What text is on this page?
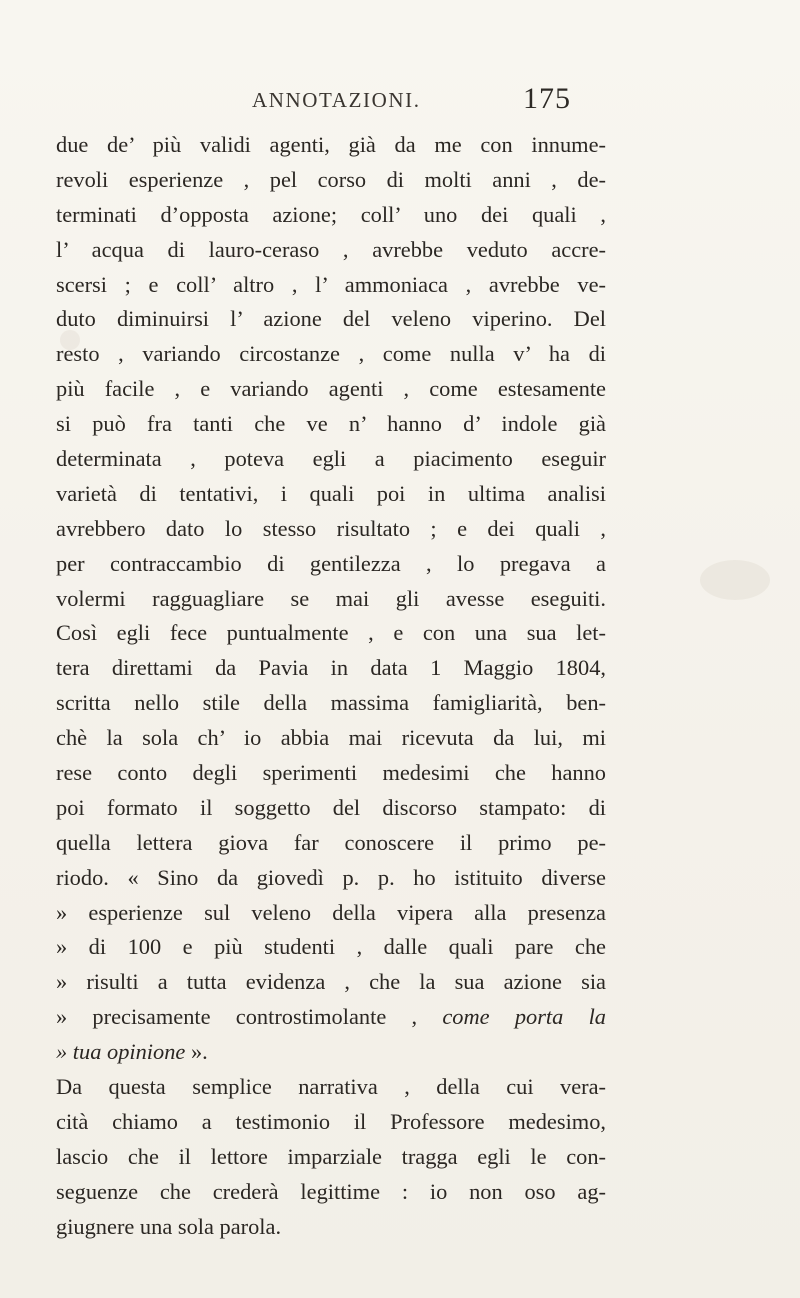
ANNOTAZIONI.	175
due de’ più validi agenti, già da me con innume-
revoli esperienze , pel corso di molti anni , de-
terminati d’opposta azione; coll’ uno dei quali ,
l’ acqua di lauro-ceraso , avrebbe veduto accre-
scersi ; e coll’ altro , l’ ammoniaca , avrebbe ve-
duto diminuirsi l’ azione del veleno viperino. Del
resto , variando circostanze , come nulla v’ ha di
più facile , e variando agenti , come estesamente
si può fra tanti che ve n’ hanno d’ indole già
determinata , poteva egli a piacimento eseguir
varietà di tentativi, i quali poi in ultima analisi
avrebbero dato lo stesso risultato ; e dei quali ,
per contraccambio di gentilezza , lo pregava a
volermi ragguagliare se mai gli avesse eseguiti.
Così egli fece puntualmente , e con una sua let-
tera direttami da Pavia in data 1 Maggio 1804,
scritta nello stile della massima famigliarità, ben-
chè la sola ch’ io abbia mai ricevuta da lui, mi
rese conto degli sperimenti medesimi che hanno
poi formato il soggetto del discorso stampato: di
quella lettera giova far conoscere il primo pe-
riodo. « Sino da giovedì p. p. ho istituito diverse
» esperienze sul veleno della vipera alla presenza
» di 100 e più studenti , dalle quali pare che
» risulti a tutta evidenza , che la sua azione sia
» precisamente controstimolante , come porta la
» tua opinione ».
Da questa semplice narrativa , della cui vera-
cità chiamo a testimonio il Professore medesimo,
lascio che il lettore imparziale tragga egli le con-
seguenze che crederà legittime : io non oso ag-
giugnere una sola parola.
